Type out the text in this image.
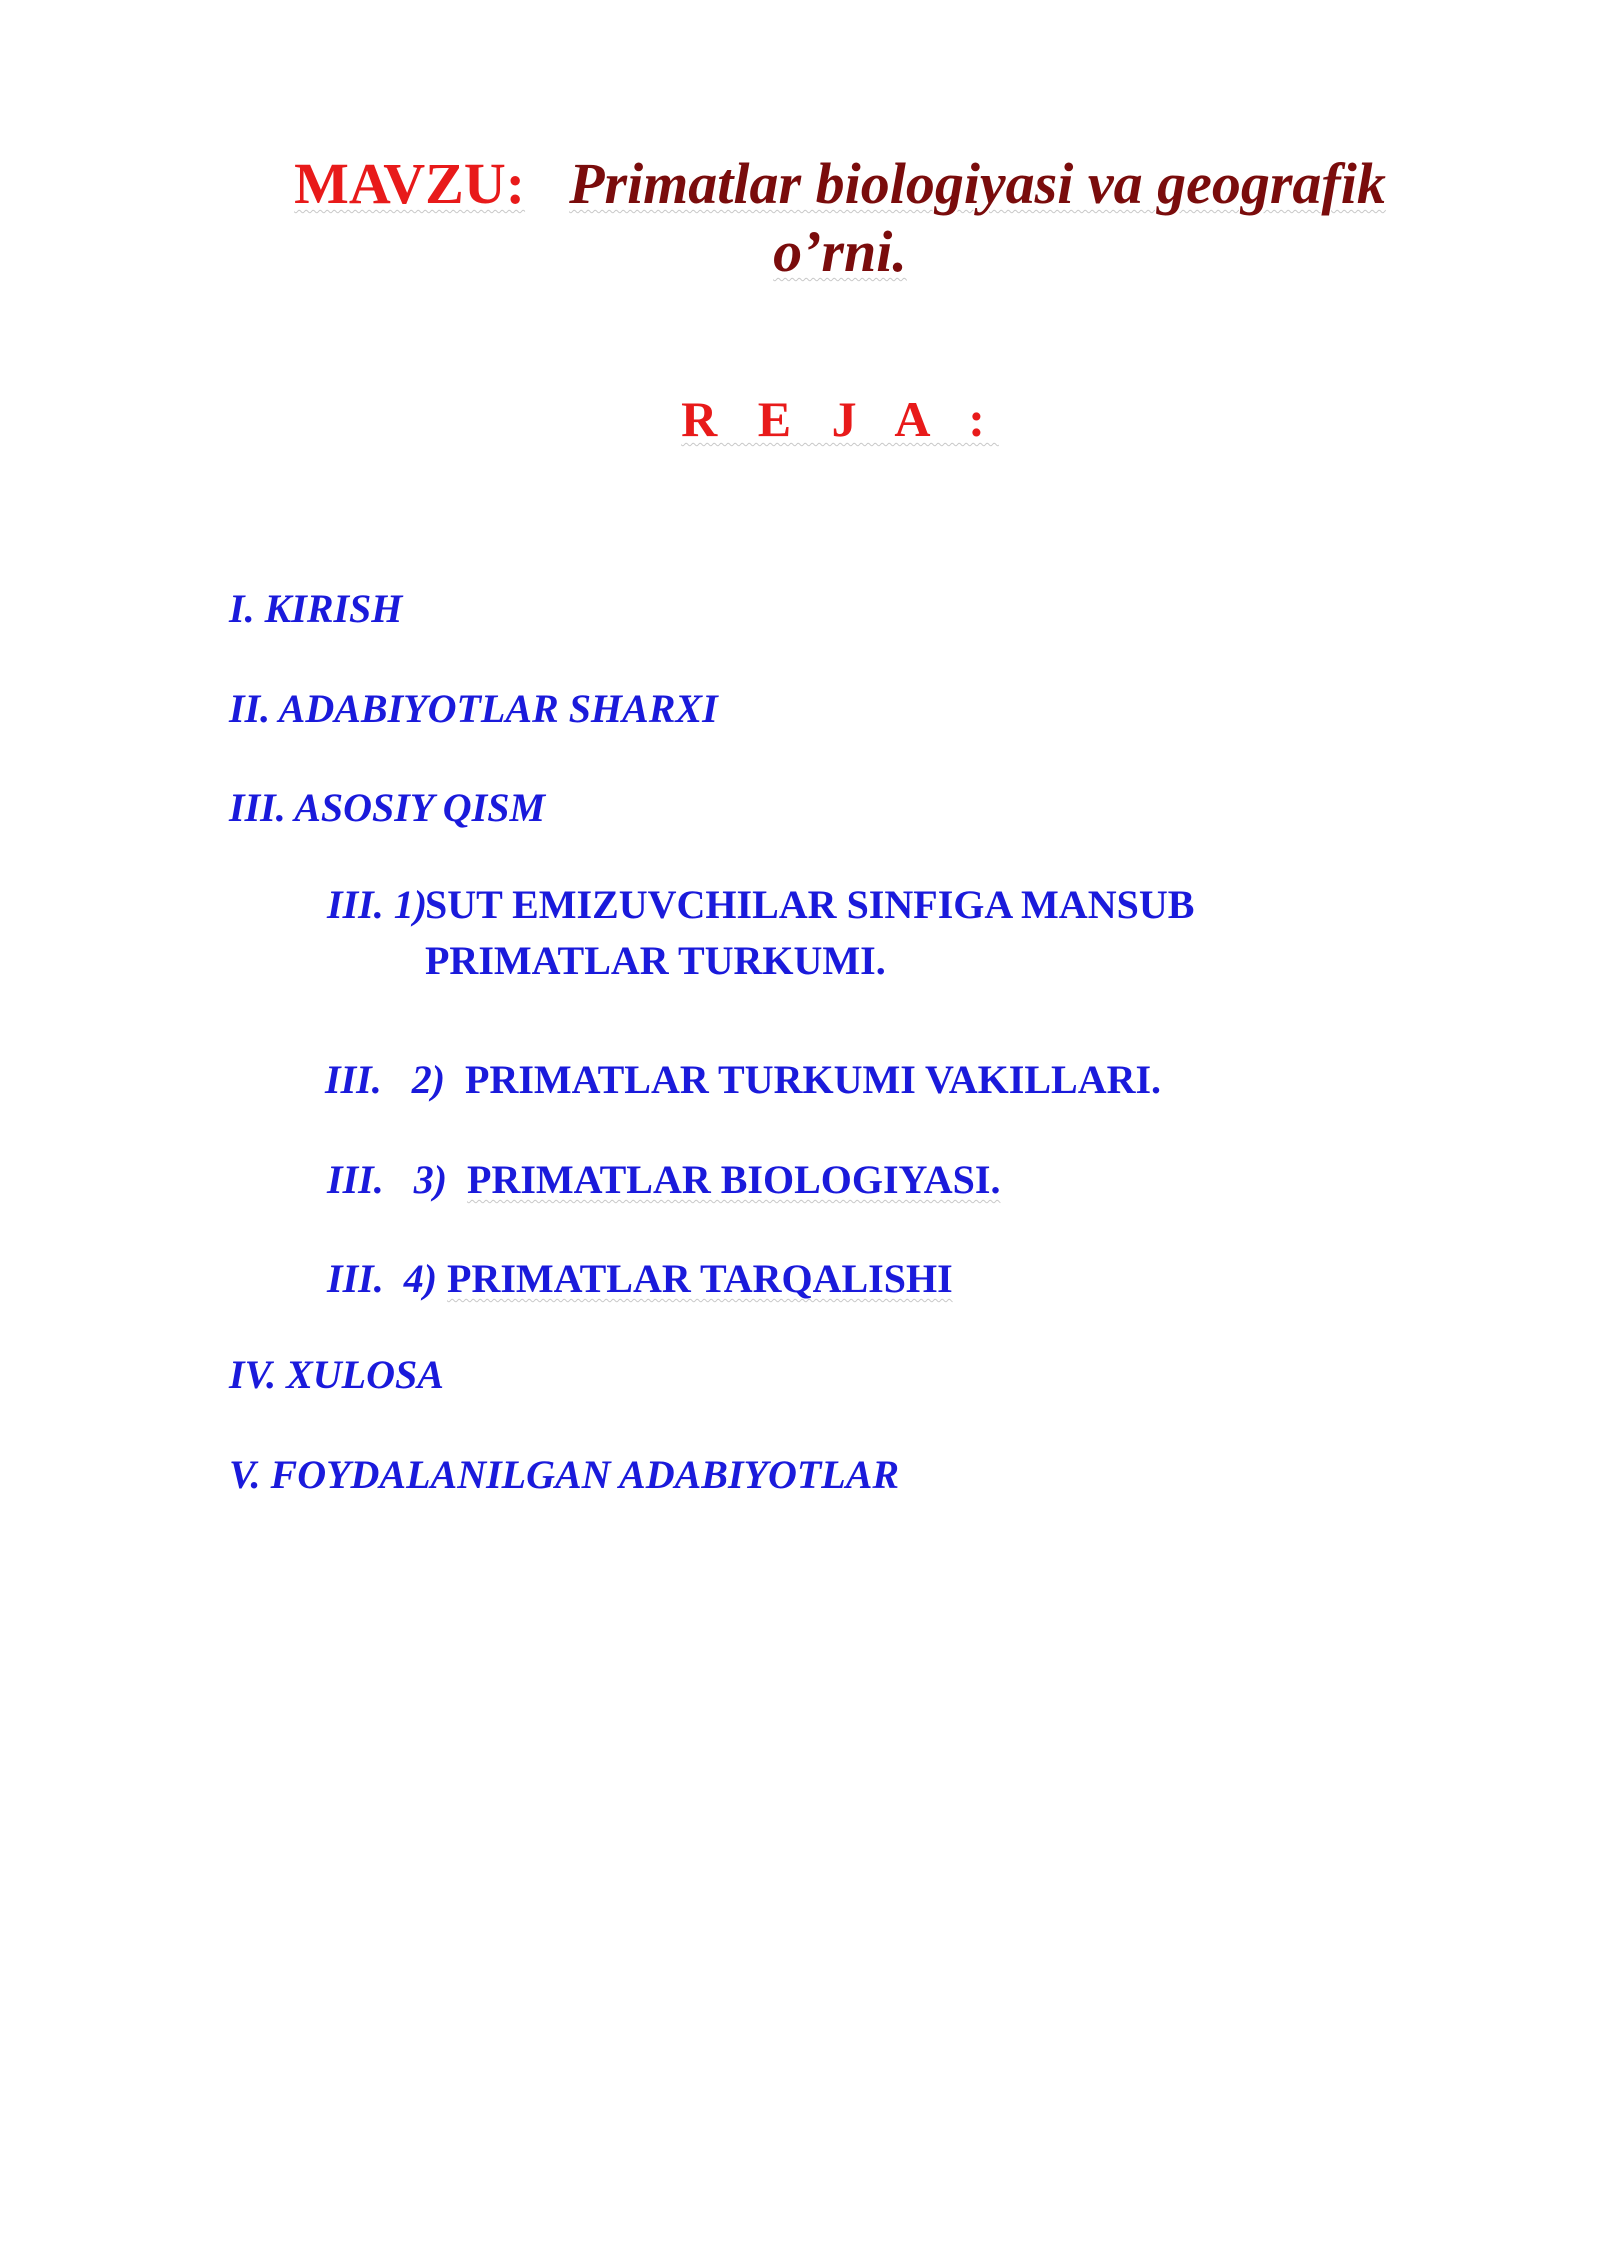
MAVZU: Primatlar biologiyasi va geografik o’rni.
R E J A :
I. KIRISH
II. ADABIYOTLAR SHARXI
III. ASOSIY QISM
III. 1)
SUT EMIZUVCHILAR SINFIGA MANSUB PRIMATLAR TURKUMI.
III.   2) PRIMATLAR TURKUMI VAKILLARI.
III.   3) PRIMATLAR BIOLOGIYASI.
III.  4) PRIMATLAR TARQALISHI
IV. XULOSA
V. FOYDALANILGAN ADABIYOTLAR
